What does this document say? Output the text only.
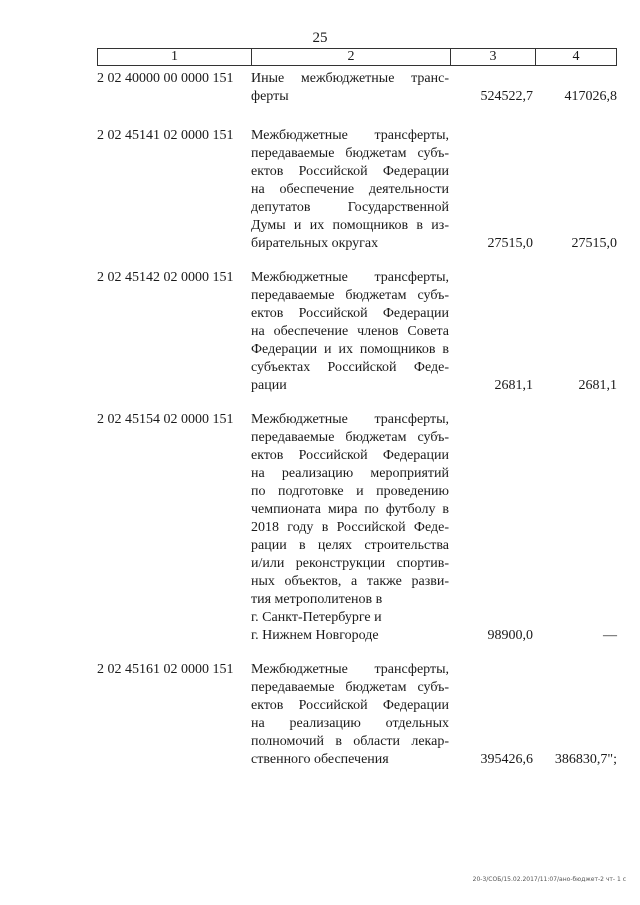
25
1	2	3	4
2 02 40000 00 0000 151	Иные межбюджетные транс-
ферты	524522,7	417026,8
2 02 45141 02 0000 151	Межбюджетные трансферты,
передаваемые бюджетам субъ-
ектов Российской Федерации
на обеспечение деятельности
депутатов Государственной
Думы и их помощников в из-
бирательных округах	27515,0	27515,0
2 02 45142 02 0000 151	Межбюджетные трансферты,
передаваемые бюджетам субъ-
ектов Российской Федерации
на обеспечение членов Совета
Федерации и их помощников в
субъектах Российской Феде-
рации	2681,1	2681,1
2 02 45154 02 0000 151	Межбюджетные трансферты,
передаваемые бюджетам субъ-
ектов Российской Федерации
на реализацию мероприятий
по подготовке и проведению
чемпионата мира по футболу в
2018 году в Российской Феде-
рации в целях строительства
и/или реконструкции спортив-
ных объектов, а также разви-
тия метрополитенов в
г. Санкт-Петербурге и
г. Нижнем Новгороде	98900,0	—
2 02 45161 02 0000 151	Межбюджетные трансферты,
передаваемые бюджетам субъ-
ектов Российской Федерации
на реализацию отдельных
полномочий в области лекар-
ственного обеспечения	395426,6	386830,7";
20-3/СОБ/15.02.2017/11:07/ано-бюджет-2 чт- 1 с
